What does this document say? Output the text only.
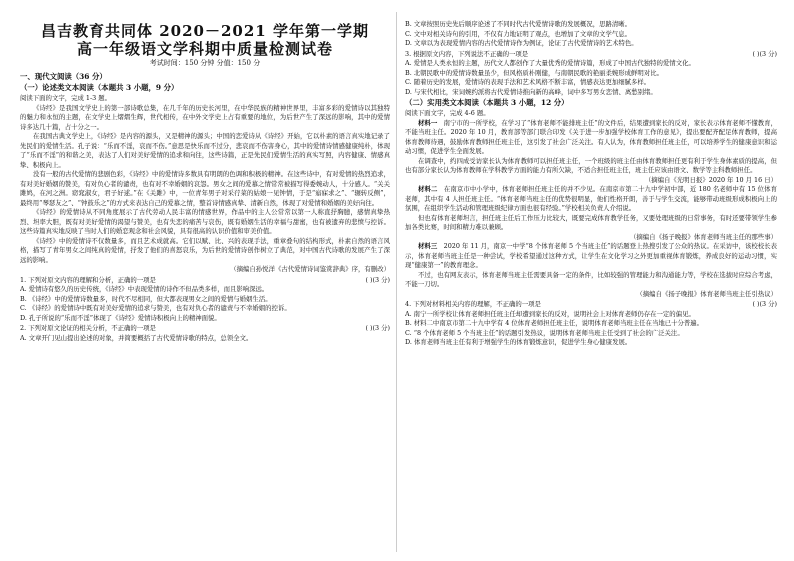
昌吉教育共同体 2020－2021 学年第一学期
高一年级语文学科期中质量检测试卷
考试时间：150 分钟 分值：150 分
一、现代文阅读（36 分）
（一）论述类文本阅读（本题共 3 小题，9 分）

阅读下面的文字，完成 1-3 题。

《诗经》是我国文学史上的第一部诗歌总集，在几千年的历史长河里，在中华民族的精神世界里，丰富多彩的爱情诗以其独特的魅力和永恒的主题，在文学史上熠熠生辉，世代相传，在中外文学史上占有重要的地位，为后世产生了深远的影响，其中的爱情诗多达几十篇，占十分之一。

在我国古典文学史上，《诗经》是内容的源头，又是精神的源头；中国的恋爱诗从《诗经》开始，它以朴素的语言真实地记录了先民们的爱情生活。孔子说：“乐而不淫，哀而不伤。”意思是快乐而不过分，悲哀而不伤害身心，其中的爱情诗情感健康纯朴，体现了“乐而不淫”的和谐之美，表达了人们对美好爱情的追求和向往，这些诗篇，正是先民们爱情生活的真实写照，内容健康、情感真挚、积极向上。

没有一般的古代爱情的悲剧色彩，《诗经》中的爱情诗多数具有明朗的色调和积极的精神。在这些诗中，有对爱情的热烈追求，有对美好婚姻的赞美，有对负心者的谴责，也有对不幸婚姻的哀怨。男女之间的爱慕之情常常被描写得委婉动人，十分感人。“关关雎鸠，在河之洲。窈窕淑女，君子好逑。”在《关雎》中，一位青年男子对采荇菜的姑娘一见钟情，于是“寤寐求之”、“辗转反侧”，最终用“琴瑟友之”、“钟鼓乐之”的方式来表达自己的爱慕之情，整首诗情感真挚、清新自然，体现了对爱情和婚姻的美好向往。

《诗经》的爱情诗从不同角度展示了古代劳动人民丰富的情感世界，作品中的主人公常常以第一人称直抒胸臆，感情真挚热烈、坦率大胆，既有对美好爱情的渴望与赞美，也有失恋的痛苦与哀伤，既有婚姻生活的幸福与甜蜜，也有被遗弃的悲愤与控诉。这些诗篇真实地反映了当时人们的婚恋观念和社会风貌，具有很高的认识价值和审美价值。

《诗经》中的爱情诗不仅数量多，而且艺术成就高。它们以赋、比、兴的表现手法，重章叠句的结构形式，朴素自然的语言风格，描写了青年男女之间纯真的爱情，抒发了他们的喜怒哀乐，为后世的爱情诗创作树立了典范，对中国古代诗歌的发展产生了深远的影响。

（摘编自孙悦洋《古代爱情诗词鉴赏辞典》序，有删改）
1. 下列对原文内容的理解和分析，正确的一项是	( )(3 分)
A. 爱情诗有悠久的历史传统，《诗经》中表现爱情的诗作不但品类多样，而且影响深远。
B. 《诗经》中的爱情诗数量多，时代不尽相同，但大都表现男女之间的爱情与婚姻生活。
C. 《诗经》的爱情诗中既有对美好爱情的追求与赞美，也有对负心者的谴责与不幸婚姻的控诉。
D. 孔子所说的“乐而不淫”体现了《诗经》爱情诗积极向上的精神面貌。
2. 下列对原文论证的相关分析，不正确的一项是	( )(3 分)
A. 文章开门见山提出论述的对象，并简要概括了古代爱情诗歌的特点，总领全文。
B. 文章按照历史先后顺序论述了不同时代古代爱情诗歌的发展概况，思路清晰。
C. 文中对相关诗句的引用，不仅有力地证明了观点，也增加了文章的文学气息。
D. 文章以为表现爱情内容的古代爱情诗作为例证，论证了古代爱情诗的艺术特色。
3. 根据原文内容，下列说法不正确的一项是	( )(3 分)
A. 爱情是人类永恒的主题，历代文人都创作了大量优秀的爱情诗篇，形成了中国古代独特的爱情文化。
B. 北朝民歌中的爱情诗数量虽少，但风格质朴刚健，与南朝民歌的艳丽柔婉形成鲜明对比。
C. 随着历史的发展，爱情诗的表现手法和艺术风格不断丰富，情感表达更加细腻多样。
D. 与宋代相比，宋词婉约派将古代爱情诗推向新的高峰，词中多写男女恋情、离愁别绪。
（二）实用类文本阅读（本题共 3 小题，12 分）

阅读下面文字，完成 4-6 题。

材料一　 南宁市的一所学校，在学习了“体育老师不能排班主任”的文件后，结果遭到家长的反对，家长表示体育老师不懂教育，不能当班主任。2020 年 10 月，教育部等部门联合印发《关于进一步加强学校体育工作的意见》，提出要配齐配足体育教师，提高体育教师待遇，鼓励体育教师担任班主任，这引发了社会广泛关注。有人认为，体育教师担任班主任，可以培养学生的健康意识和运动习惯，促进学生全面发展。

在调查中，约四成受访家长认为体育教师可以担任班主任，一个班级的班主任由体育教师担任更有利于学生身体素质的提高，但也有部分家长认为体育教师在学科教学方面的能力有所欠缺，不适合担任班主任，班主任应该由语文、数学等主科教师担任。

（摘编自《光明日报》2020 年 10 月 16 日）

材料二　 在南京市中小学中，体育老师担任班主任的并不少见。在南京市第二十九中学初中部，近 180 名老师中有 15 位体育老师，其中有 4 人担任班主任。“体育老师当班主任的优势很明显，他们性格开朗，善于与学生交流，能够带动班级形成积极向上的氛围，在组织学生活动和管理班级纪律方面也很有经验。”学校相关负责人介绍说。

但也有体育老师坦言，担任班主任后工作压力比较大，既要完成体育教学任务，又要处理班级的日常事务，有时还要带领学生参加各类比赛，时间和精力难以兼顾。

（摘编自《扬子晚报》体育老师当班主任的那些事）

材料三　 2020 年 11 月，南京一中学“8 个体育老师 5 个当班主任”的话题登上热搜引发了公众的热议。在采访中，该校校长表示，体育老师当班主任是一种尝试，学校希望通过这种方式，让学生在文化学习之外更加重视体育锻炼，养成良好的运动习惯，实现“健康第一”的教育理念。

不过，也有网友表示，体育老师当班主任需要具备一定的条件，比如较强的管理能力和沟通能力等，学校在选拔时应综合考虑，不能一刀切。

（摘编自《扬子晚报》体育老师当班主任引热议）
4. 下列对材料相关内容的理解，不正确的一项是	( )(3 分)
A. 南宁一所学校让体育老师担任班主任却遭到家长的反对，说明社会上对体育老师仍存在一定的偏见。
B. 材料二中南京市第二十九中学有 4 位体育老师担任班主任，说明体育老师当班主任在当地已十分普遍。
C. “8 个体育老师 5 个当班主任”的话题引发热议，说明体育老师当班主任受到了社会的广泛关注。
D. 体育老师当班主任有利于增强学生的体育锻炼意识，促进学生身心健康发展。
